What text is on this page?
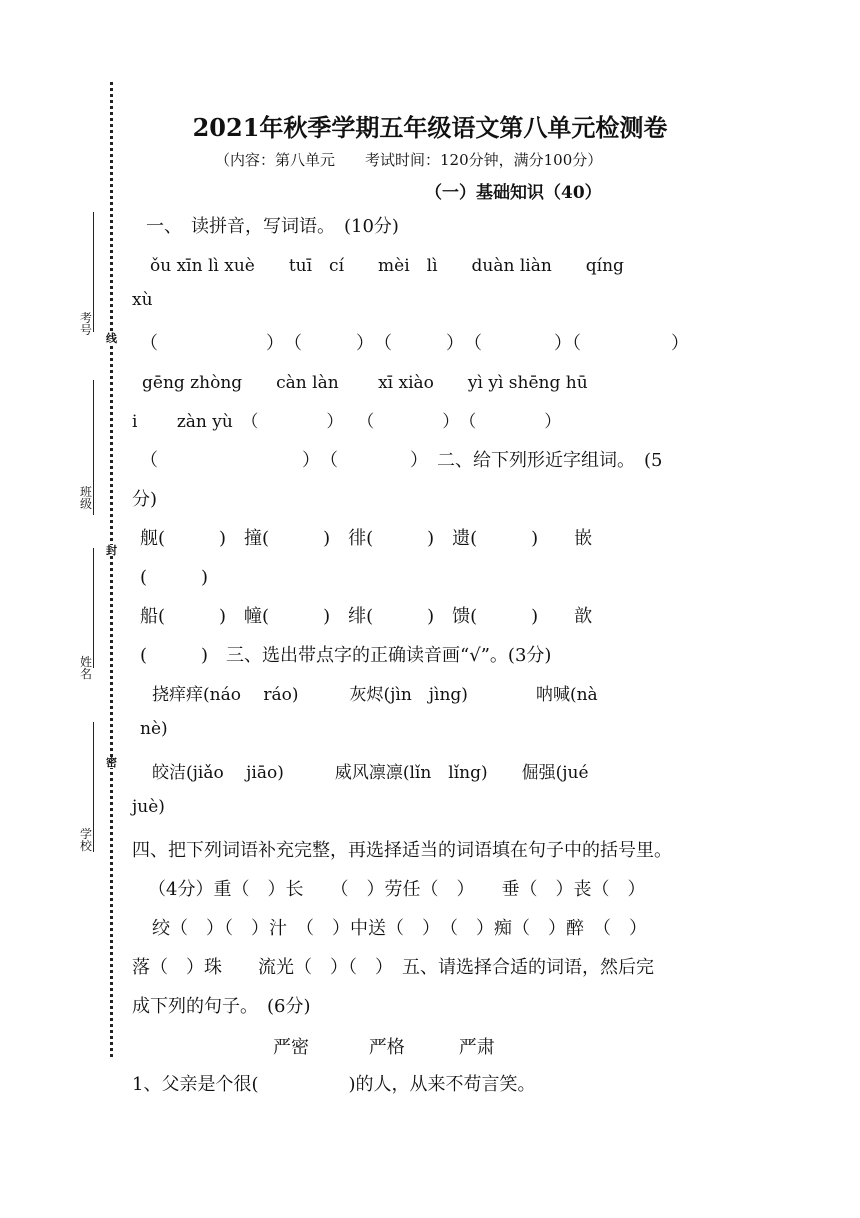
考号
班级
姓名
学校
线
封
密
2021年秋季学期五年级语文第八单元检测卷
（内容：第八单元　　考试时间：120分钟，满分100分）
（一）基础知识（40）
一、　读拼音，写词语。　(10分)
ǒu xīn lì xuè　　tuī　cí　　mèi　lì　　duàn liàn　　qíng
xù
（　　　　　　）　（　　　）　（　　　）　（　　　　）（　　　　　）
gēng zhòng　　càn làn　　 xī xiào　　yì yì shēng hū
i　　 zàn yù　（　　　　）　 （　　　　）　（　　　　）
（　　　　　　　　）　（　　　　）　二、给下列形近字组词。　(5
分)
舰(　　　)　撞(　　　)　徘(　　　)　遗(　　　)　　嵌
(　　　)
船(　　　)　幢(　　　)　绯(　　　)　馈(　　　)　　歆
(　　　)　三、选出带点字的正确读音画“√”。(3分)
挠痒痒(náo　 ráo)　　　灰烬(jìn　jìng)　　　　呐喊(nà
nè)
皎洁(jiǎo　 jiāo)　　　威风凛凛(lǐn　lǐng)　　倔强(jué
juè)
四、把下列词语补充完整，再选择适当的词语填在句子中的括号里。
（4分）重（　）长　　（　）劳任（　）　　垂（　）丧（　）
绞（　）（　）汁　（　）中送（　）　（　）痴（　）醉　（　）
落（　）珠　　流光（　）（　）　五、请选择合适的词语，然后完
成下列的句子。　(6分)
严密　　　 严格　　　严肃
1、父亲是个很(　　　　　)的人，从来不苟言笑。
